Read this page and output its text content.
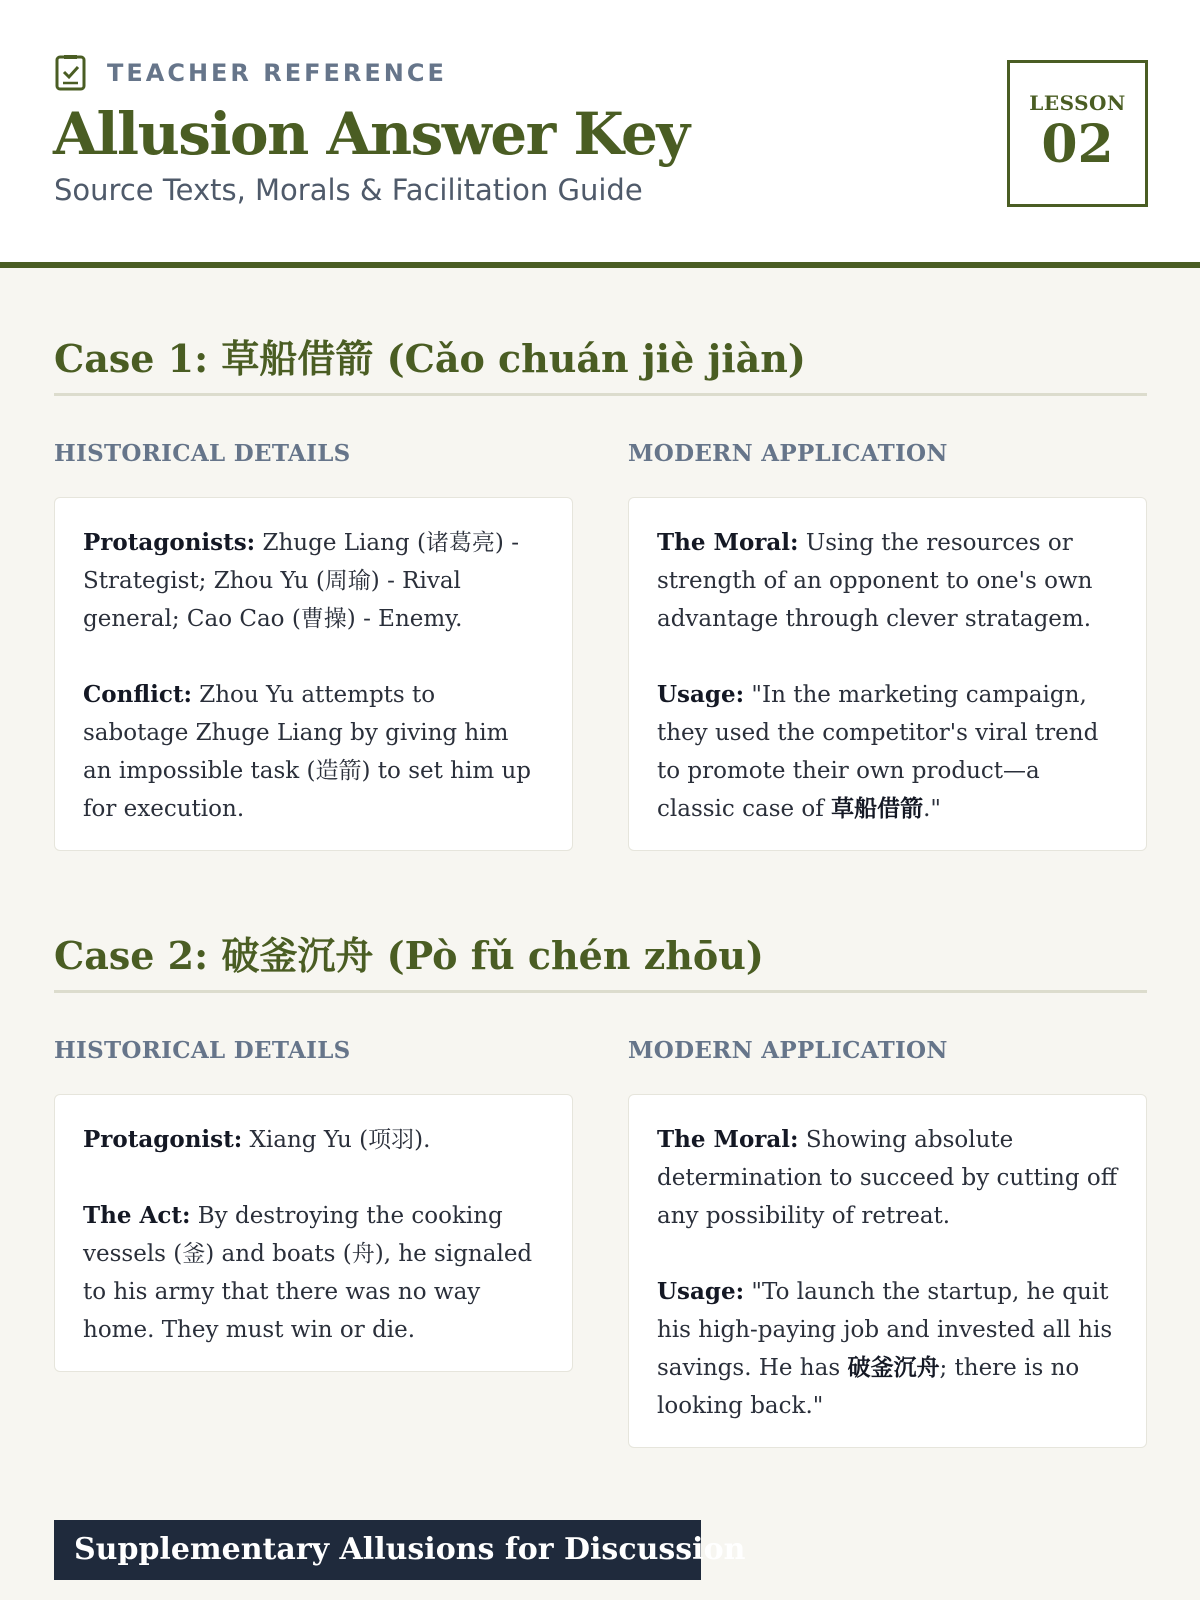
TEACHER REFERENCE
Allusion Answer Key
Source Texts, Morals & Facilitation Guide
LESSON
02
Case 1: 草船借箭 (Cǎo chuán jiè jiàn)
HISTORICAL DETAILS	MODERN APPLICATION

Protagonists: Zhuge Liang (诸葛亮) - Strategist; Zhou Yu (周瑜) - Rival general; Cao Cao (曹操) - Enemy.

Conflict: Zhou Yu attempts to sabotage Zhuge Liang by giving him an impossible task (造箭) to set him up for execution.

The Moral: Using the resources or strength of an opponent to one's own advantage through clever stratagem.

Usage: "In the marketing campaign, they used the competitor's viral trend to promote their own product—a classic case of 草船借箭."

Case 2: 破釜沉舟 (Pò fǔ chén zhōu)
HISTORICAL DETAILS	MODERN APPLICATION

Protagonist: Xiang Yu (项羽).

The Act: By destroying the cooking vessels (釜) and boats (舟), he signaled to his army that there was no way home. They must win or die.

The Moral: Showing absolute determination to succeed by cutting off any possibility of retreat.

Usage: "To launch the startup, he quit his high-paying job and invested all his savings. He has 破釜沉舟; there is no looking back."

Supplementary Allusions for Discussion
